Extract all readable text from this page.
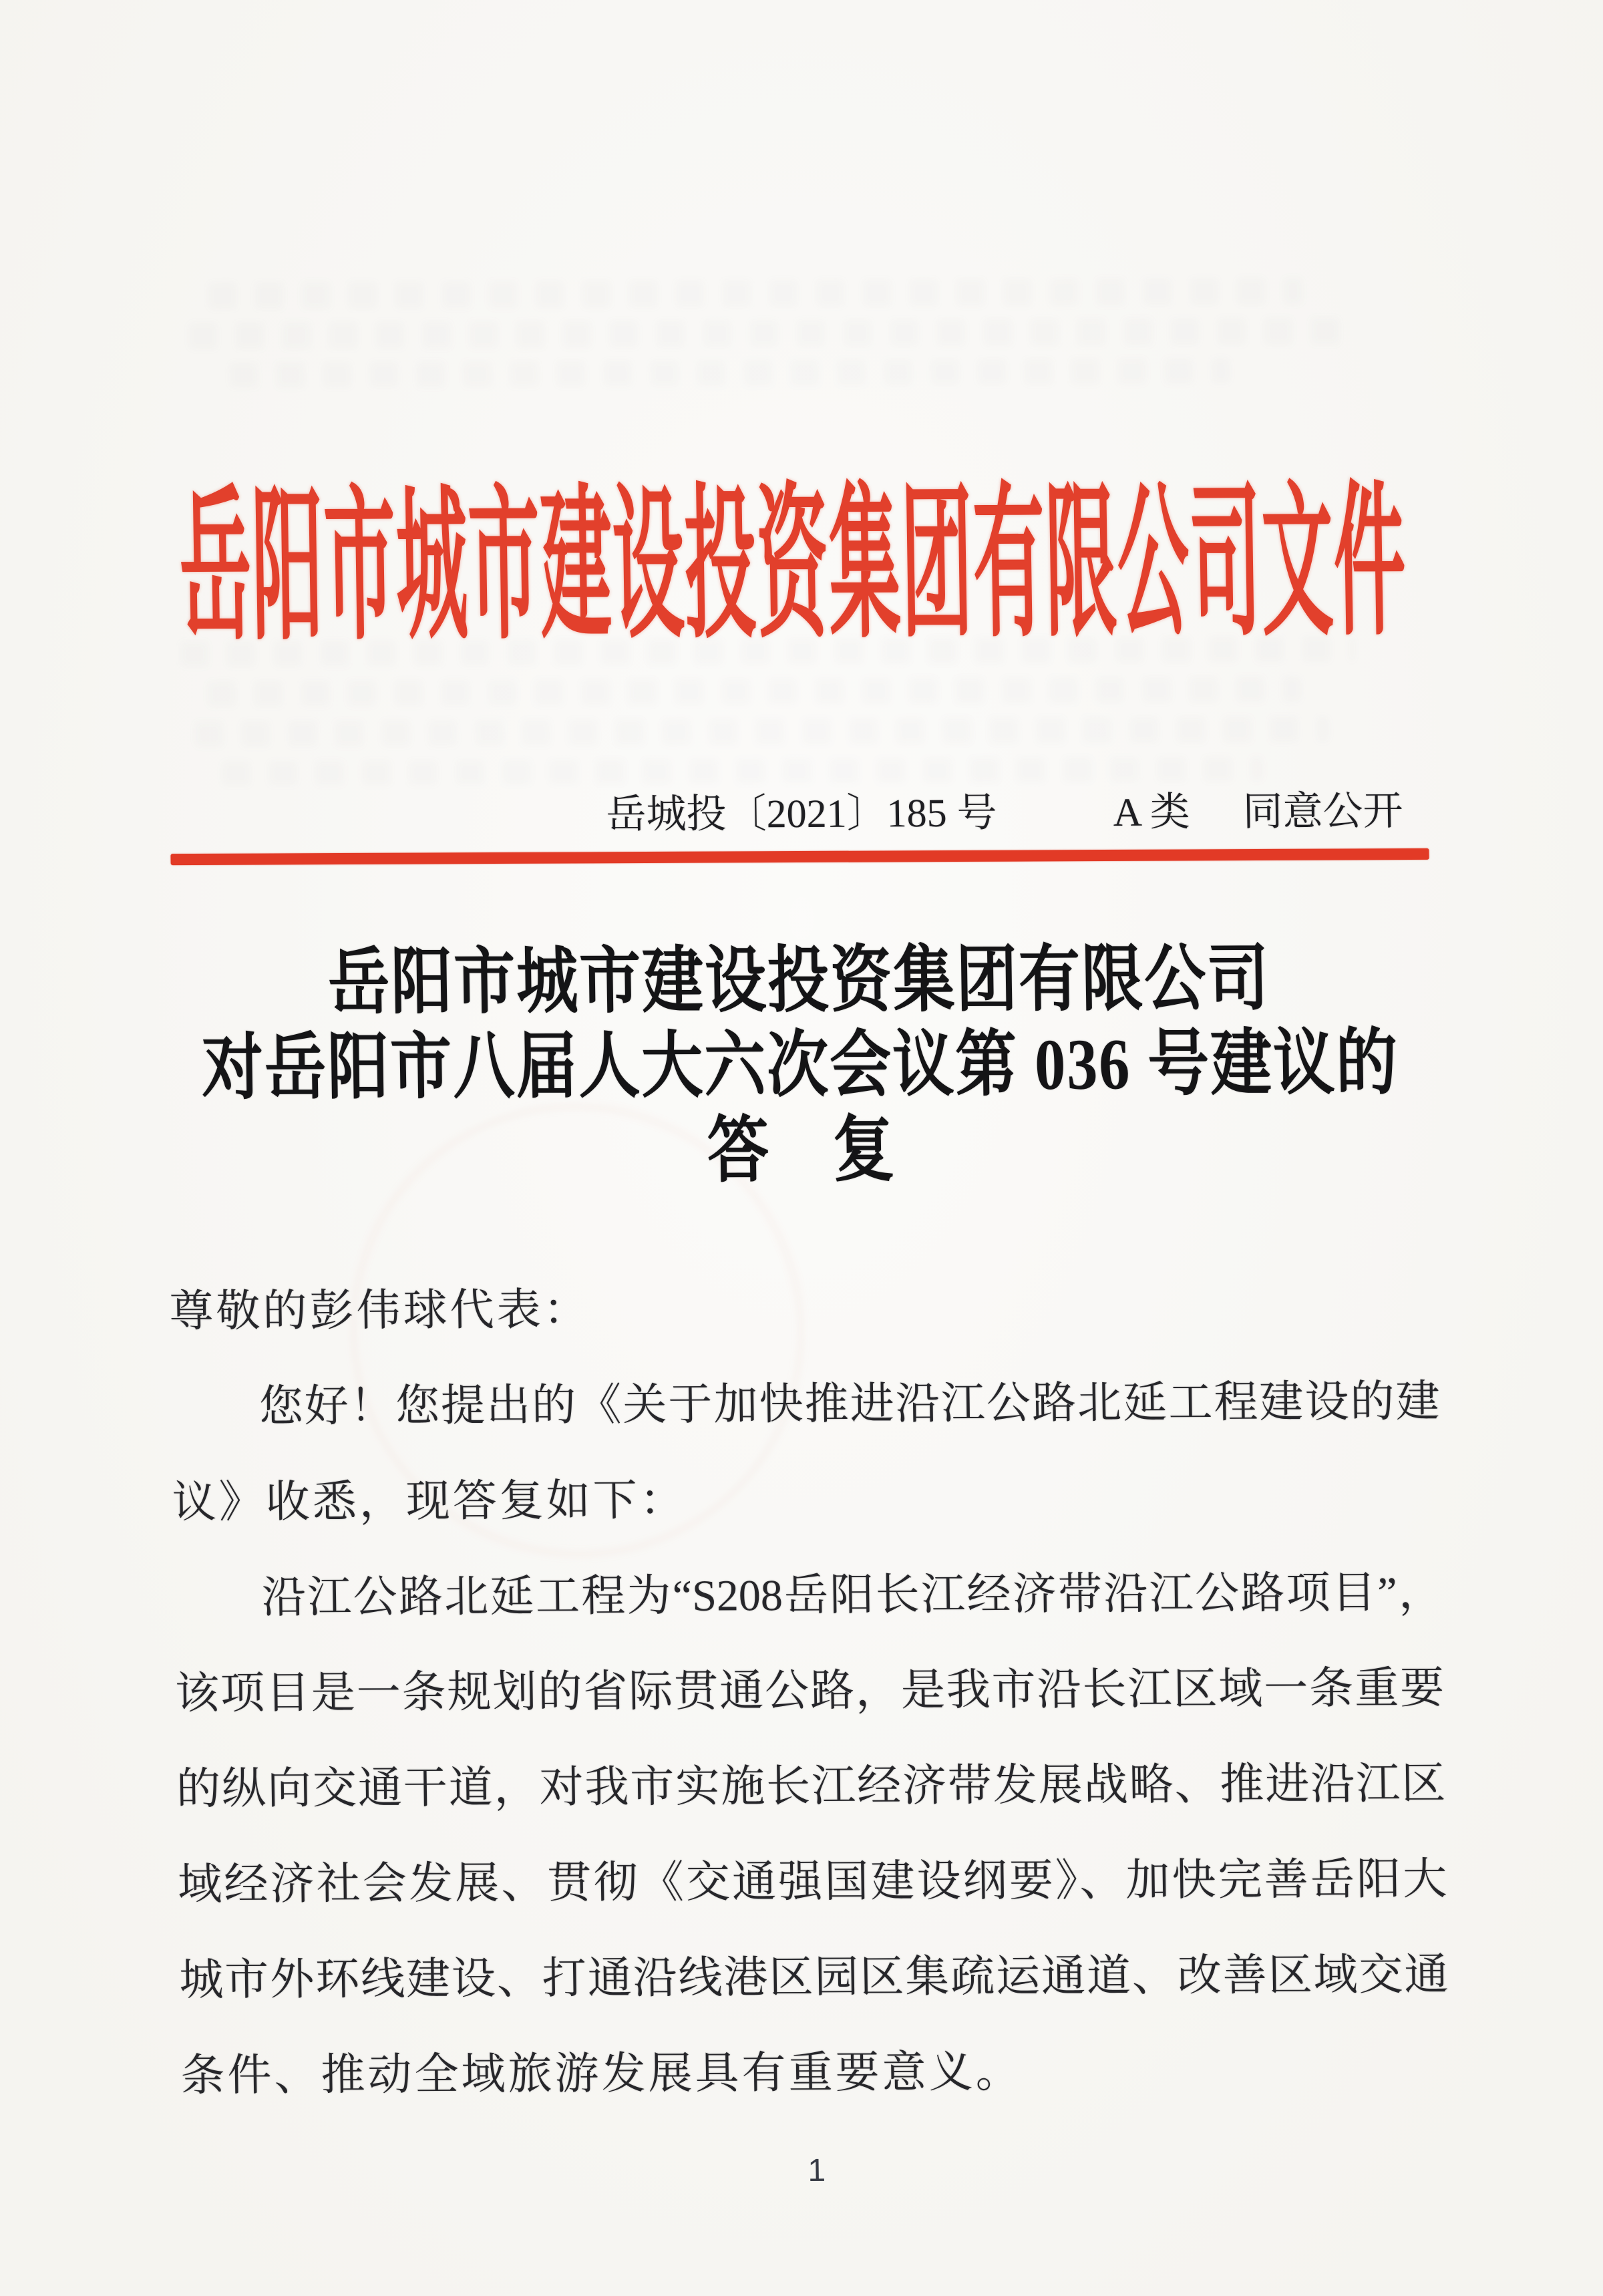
岳阳市城市建设投资集团有限公司文件
岳城投〔2021〕185 号	A 类 同意公开
岳阳市城市建设投资集团有限公司
对岳阳市八届人大六次会议第 036 号建议的
答　复
尊敬的彭伟球代表：
您好！您提出的《关于加快推进沿江公路北延工程建设的建
议》收悉，现答复如下：
沿江公路北延工程为“S208岳阳长江经济带沿江公路项目”，
该项目是一条规划的省际贯通公路，是我市沿长江区域一条重要
的纵向交通干道，对我市实施长江经济带发展战略、推进沿江区
域经济社会发展、贯彻《交通强国建设纲要》、加快完善岳阳大
城市外环线建设、打通沿线港区园区集疏运通道、改善区域交通
条件、推动全域旅游发展具有重要意义。
1
